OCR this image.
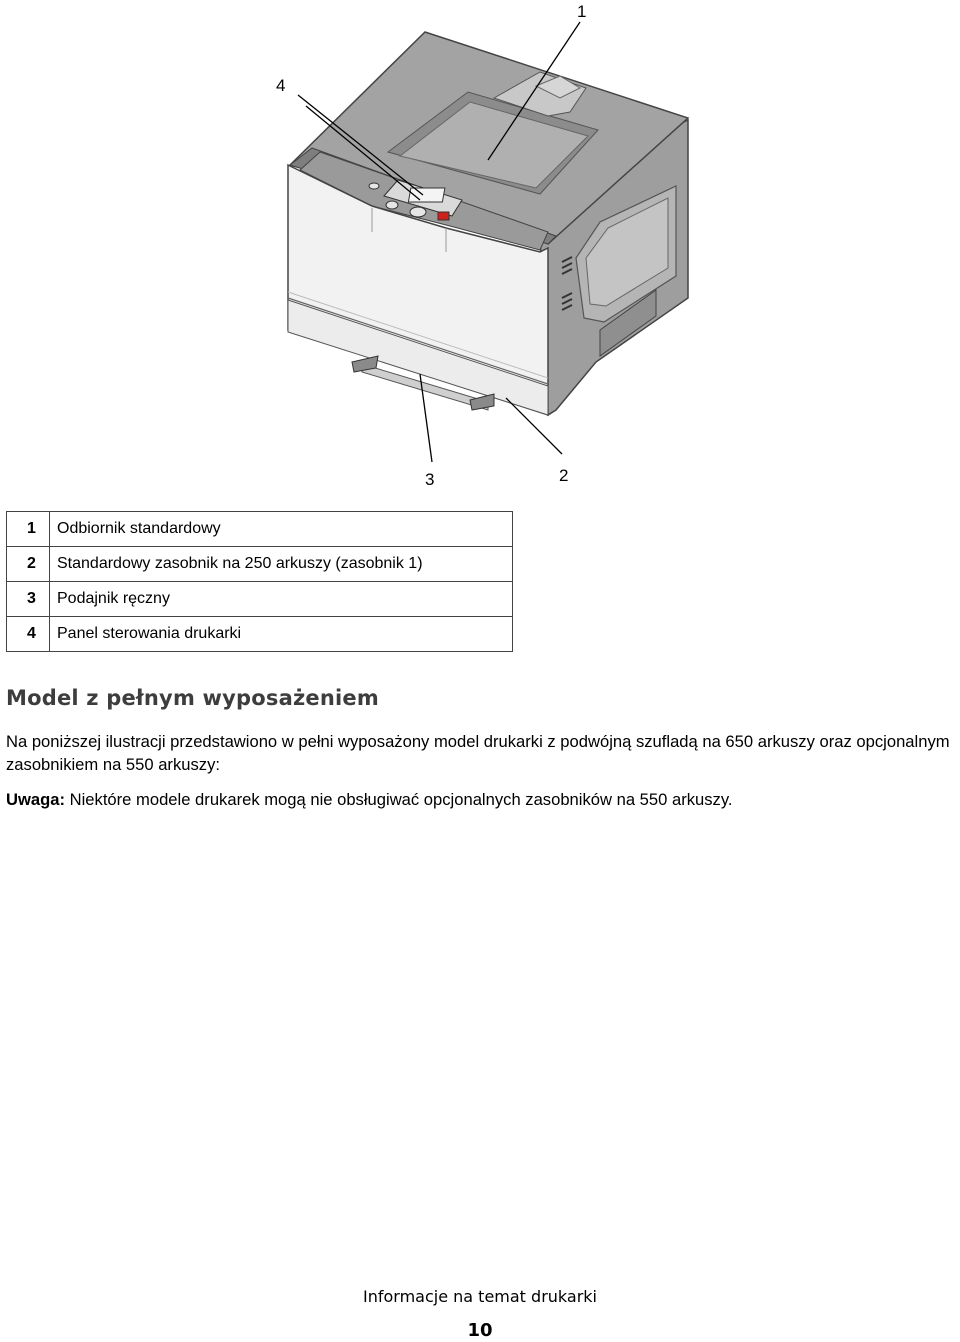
1
2
3
4
1	Odbiornik standardowy
2	Standardowy zasobnik na 250 arkuszy (zasobnik 1)
3	Podajnik ręczny
4	Panel sterowania drukarki
Model z pełnym wyposażeniem
Na poniższej ilustracji przedstawiono w pełni wyposażony model drukarki z podwójną szufladą na 650 arkuszy oraz opcjonalnym zasobnikiem na 550 arkuszy:
Uwaga: Niektóre modele drukarek mogą nie obsługiwać opcjonalnych zasobników na 550 arkuszy.
Informacje na temat drukarki
10
